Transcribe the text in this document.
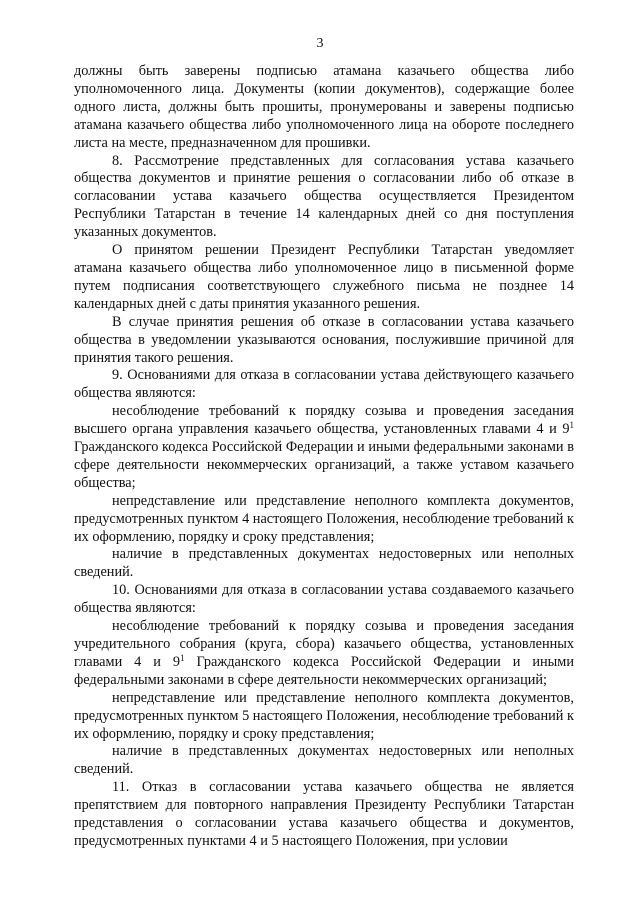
3

должны быть заверены подписью атамана казачьего общества либо уполномоченного лица. Документы (копии документов), содержащие более одного листа, должны быть прошиты, пронумерованы и заверены подписью атамана казачьего общества либо уполномоченного лица на обороте последнего листа на месте, предназначенном для прошивки.

8. Рассмотрение представленных для согласования устава казачьего общества документов и принятие решения о согласовании либо об отказе в согласовании устава казачьего общества осуществляется Президентом Республики Татарстан в течение 14 календарных дней со дня поступления указанных документов.

О принятом решении Президент Республики Татарстан уведомляет атамана казачьего общества либо уполномоченное лицо в письменной форме путем подписания соответствующего служебного письма не позднее 14 календарных дней с даты принятия указанного решения.

В случае принятия решения об отказе в согласовании устава казачьего общества в уведомлении указываются основания, послужившие причиной для принятия такого решения.

9. Основаниями для отказа в согласовании устава действующего казачьего общества являются:

несоблюдение требований к порядку созыва и проведения заседания высшего органа управления казачьего общества, установленных главами 4 и $9^1$ Гражданского кодекса Российской Федерации и иными федеральными законами в сфере деятельности некоммерческих организаций, а также уставом казачьего общества;

непредставление или представление неполного комплекта документов, предусмотренных пунктом 4 настоящего Положения, несоблюдение требований к их оформлению, порядку и сроку представления;

наличие в представленных документах недостоверных или неполных сведений.

10. Основаниями для отказа в согласовании устава создаваемого казачьего общества являются:

несоблюдение требований к порядку созыва и проведения заседания учредительного собрания (круга, сбора) казачьего общества, установленных главами 4 и $9^1$ Гражданского кодекса Российской Федерации и иными федеральными законами в сфере деятельности некоммерческих организаций;

непредставление или представление неполного комплекта документов, предусмотренных пунктом 5 настоящего Положения, несоблюдение требований к их оформлению, порядку и сроку представления;

наличие в представленных документах недостоверных или неполных сведений.

11. Отказ в согласовании устава казачьего общества не является препятствием для повторного направления Президенту Республики Татарстан представления о согласовании устава казачьего общества и документов, предусмотренных пунктами 4 и 5 настоящего Положения, при условии
